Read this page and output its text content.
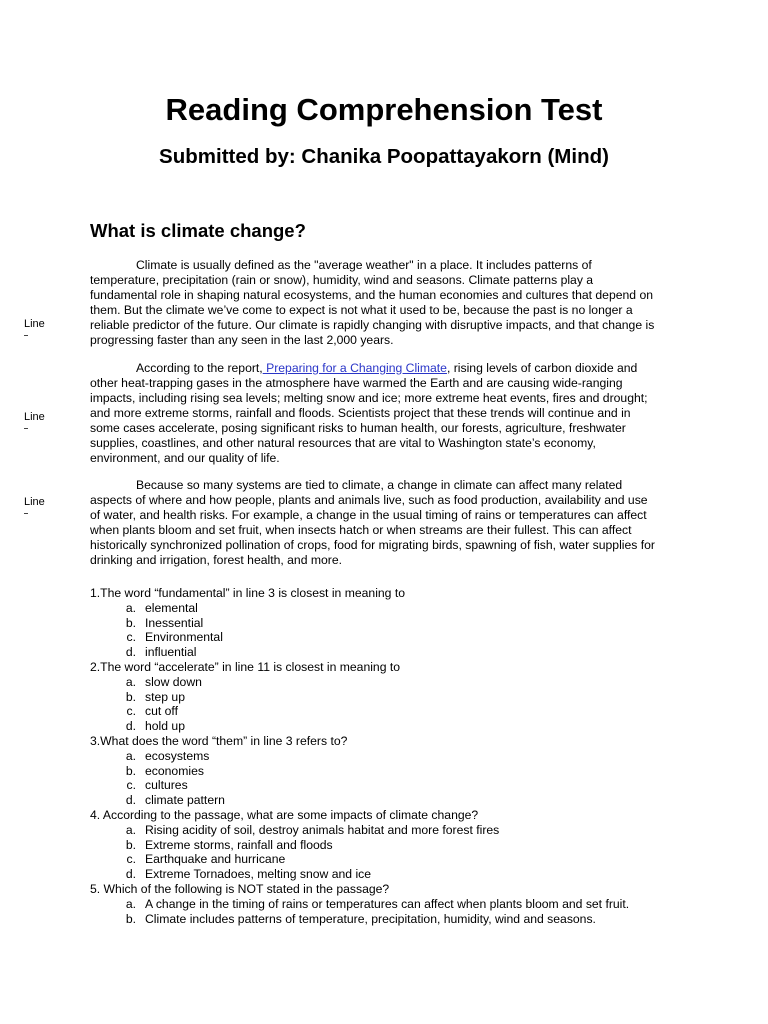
Reading Comprehension Test
Submitted by: Chanika Poopattayakorn (Mind)
What is climate change?
Line
Line
Line

Climate is usually defined as the "average weather" in a place. It includes patterns of
temperature, precipitation (rain or snow), humidity, wind and seasons. Climate patterns play a
fundamental role in shaping natural ecosystems, and the human economies and cultures that depend on
them. But the climate we’ve come to expect is not what it used to be, because the past is no longer a
reliable predictor of the future. Our climate is rapidly changing with disruptive impacts, and that change is
progressing faster than any seen in the last 2,000 years.

According to the report, Preparing for a Changing Climate, rising levels of carbon dioxide and
other heat-trapping gases in the atmosphere have warmed the Earth and are causing wide-ranging
impacts, including rising sea levels; melting snow and ice; more extreme heat events, fires and drought;
and more extreme storms, rainfall and floods. Scientists project that these trends will continue and in
some cases accelerate, posing significant risks to human health, our forests, agriculture, freshwater
supplies, coastlines, and other natural resources that are vital to Washington state’s economy,
environment, and our quality of life.

Because so many systems are tied to climate, a change in climate can affect many related
aspects of where and how people, plants and animals live, such as food production, availability and use
of water, and health risks. For example, a change in the usual timing of rains or temperatures can affect
when plants bloom and set fruit, when insects hatch or when streams are their fullest. This can affect
historically synchronized pollination of crops, food for migrating birds, spawning of fish, water supplies for
drinking and irrigation, forest health, and more.

1.The word “fundamental” in line 3 is closest in meaning to
a. elemental
b. Inessential
c. Environmental
d. influential
2.The word “accelerate” in line 11 is closest in meaning to
a. slow down
b. step up
c. cut off
d. hold up
3.What does the word “them” in line 3 refers to?
a. ecosystems
b. economies
c. cultures
d. climate pattern
4. According to the passage, what are some impacts of climate change?
a. Rising acidity of soil, destroy animals habitat and more forest fires
b. Extreme storms, rainfall and floods
c. Earthquake and hurricane
d. Extreme Tornadoes, melting snow and ice
5. Which of the following is NOT stated in the passage?
a. A change in the timing of rains or temperatures can affect when plants bloom and set fruit.
b. Climate includes patterns of temperature, precipitation, humidity, wind and seasons.
